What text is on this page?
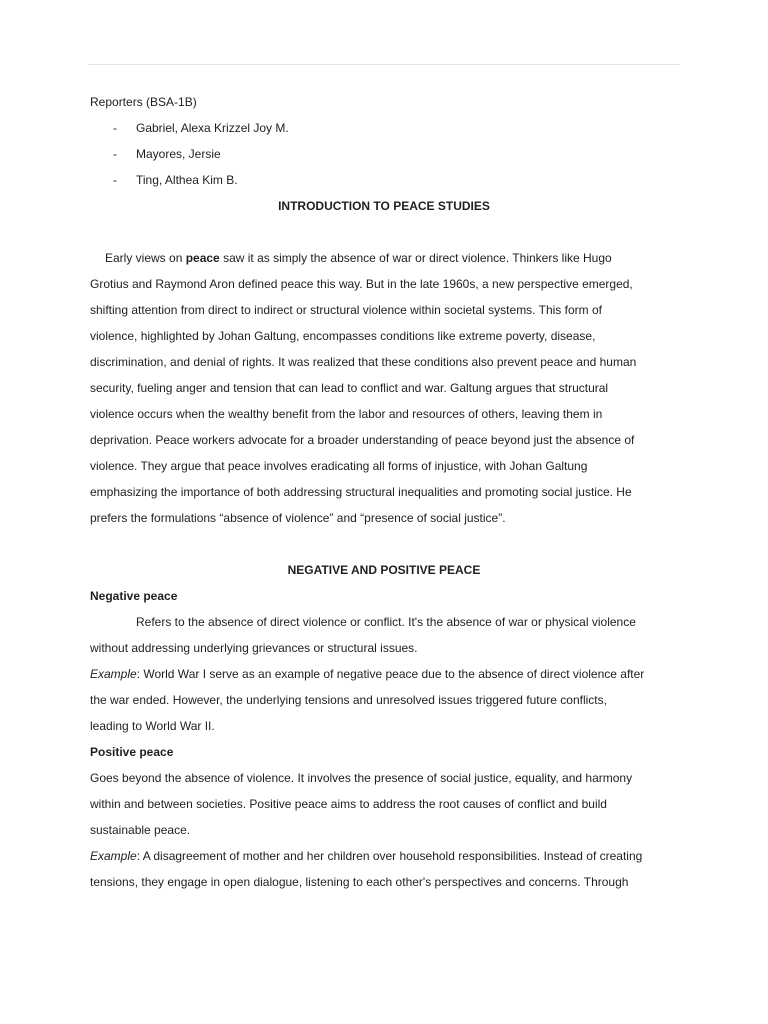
Reporters (BSA-1B)
- Gabriel, Alexa Krizzel Joy M.
- Mayores, Jersie
- Ting, Althea Kim B.
INTRODUCTION TO PEACE STUDIES
Early views on peace saw it as simply the absence of war or direct violence. Thinkers like Hugo
Grotius and Raymond Aron defined peace this way. But in the late 1960s, a new perspective emerged,
shifting attention from direct to indirect or structural violence within societal systems. This form of
violence, highlighted by Johan Galtung, encompasses conditions like extreme poverty, disease,
discrimination, and denial of rights. It was realized that these conditions also prevent peace and human
security, fueling anger and tension that can lead to conflict and war. Galtung argues that structural
violence occurs when the wealthy benefit from the labor and resources of others, leaving them in
deprivation. Peace workers advocate for a broader understanding of peace beyond just the absence of
violence. They argue that peace involves eradicating all forms of injustice, with Johan Galtung
emphasizing the importance of both addressing structural inequalities and promoting social justice. He
prefers the formulations “absence of violence” and “presence of social justice”.
NEGATIVE AND POSITIVE PEACE
Negative peace
Refers to the absence of direct violence or conflict. It's the absence of war or physical violence
without addressing underlying grievances or structural issues.
Example: World War I serve as an example of negative peace due to the absence of direct violence after
the war ended. However, the underlying tensions and unresolved issues triggered future conflicts,
leading to World War II.
Positive peace
Goes beyond the absence of violence. It involves the presence of social justice, equality, and harmony
within and between societies. Positive peace aims to address the root causes of conflict and build
sustainable peace.
Example: A disagreement of mother and her children over household responsibilities. Instead of creating
tensions, they engage in open dialogue, listening to each other's perspectives and concerns. Through
